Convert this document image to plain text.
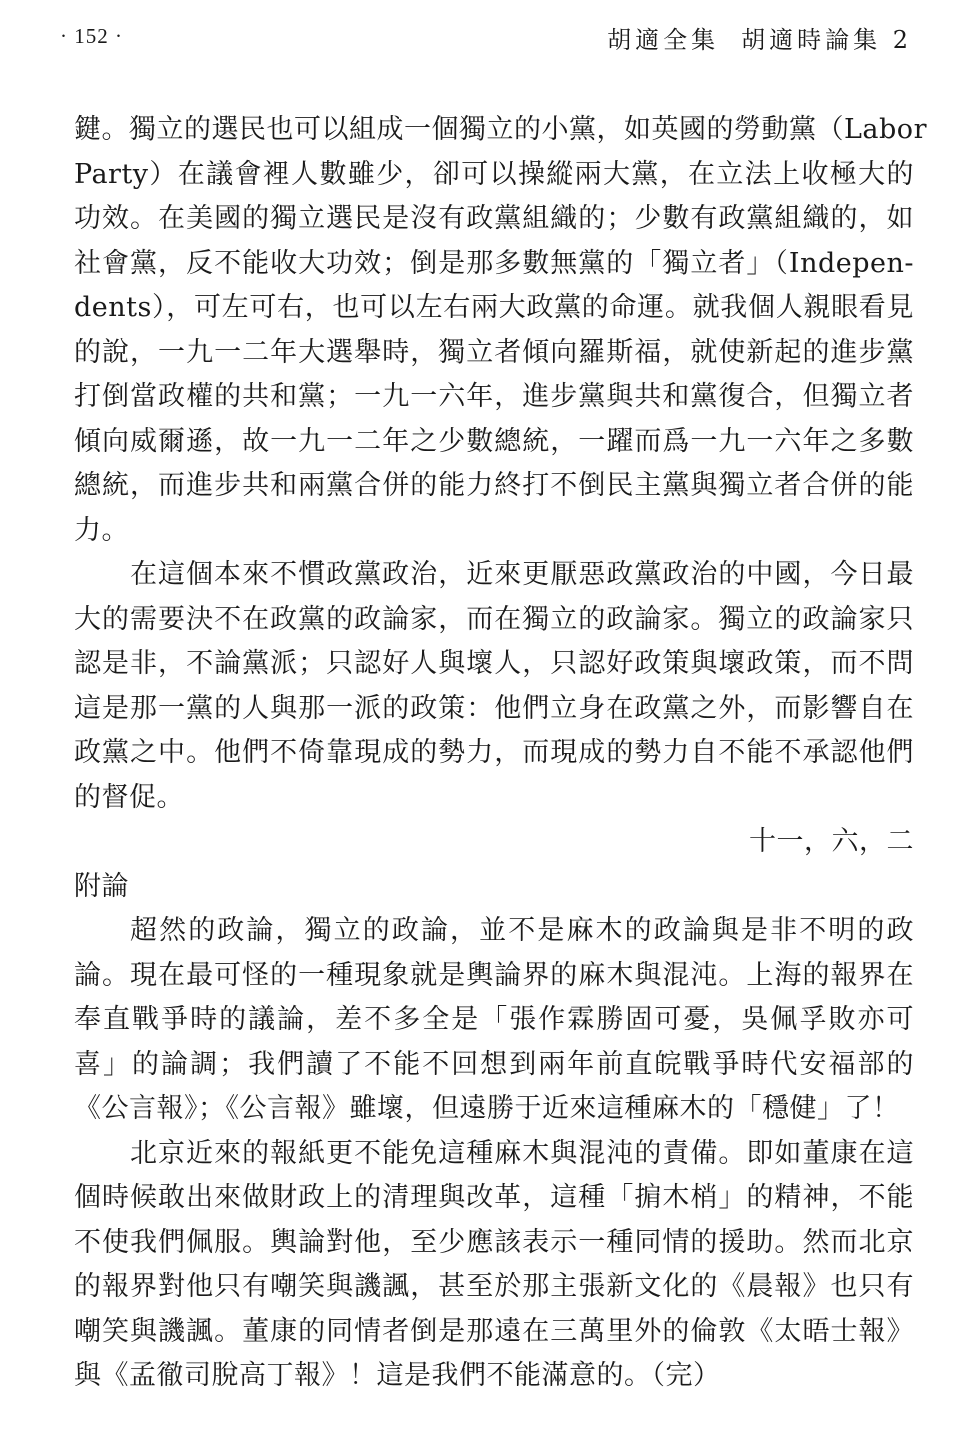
· 152 ·	胡適全集 胡適時論集 2
鍵。獨立的選民也可以組成一個獨立的小黨，如英國的勞動黨（Labor
Party）在議會裡人數雖少，卻可以操縱兩大黨，在立法上收極大的
功效。在美國的獨立選民是沒有政黨組織的；少數有政黨組織的，如
社會黨，反不能收大功效；倒是那多數無黨的「獨立者」（Indepen-
dents），可左可右，也可以左右兩大政黨的命運。就我個人親眼看見
的說，一九一二年大選舉時，獨立者傾向羅斯福，就使新起的進步黨
打倒當政權的共和黨；一九一六年，進步黨與共和黨復合，但獨立者
傾向威爾遜，故一九一二年之少數總統，一躍而爲一九一六年之多數
總統，而進步共和兩黨合併的能力終打不倒民主黨與獨立者合併的能
力。
在這個本來不慣政黨政治，近來更厭惡政黨政治的中國，今日最
大的需要決不在政黨的政論家，而在獨立的政論家。獨立的政論家只
認是非，不論黨派；只認好人與壞人，只認好政策與壞政策，而不問
這是那一黨的人與那一派的政策：他們立身在政黨之外，而影響自在
政黨之中。他們不倚靠現成的勢力，而現成的勢力自不能不承認他們
的督促。
十一，六，二
附論
超然的政論，獨立的政論，並不是麻木的政論與是非不明的政
論。現在最可怪的一種現象就是輿論界的麻木與混沌。上海的報界在
奉直戰爭時的議論，差不多全是「張作霖勝固可憂，吳佩孚敗亦可
喜」的論調；我們讀了不能不回想到兩年前直皖戰爭時代安福部的
《公言報》；《公言報》雖壞，但遠勝于近來這種麻木的「穩健」了！
北京近來的報紙更不能免這種麻木與混沌的責備。即如董康在這
個時候敢出來做財政上的清理與改革，這種「掮木梢」的精神，不能
不使我們佩服。輿論對他，至少應該表示一種同情的援助。然而北京
的報界對他只有嘲笑與譏諷，甚至於那主張新文化的《晨報》也只有
嘲笑與譏諷。董康的同情者倒是那遠在三萬里外的倫敦《太晤士報》
與《孟徹司脫高丁報》！這是我們不能滿意的。（完）
